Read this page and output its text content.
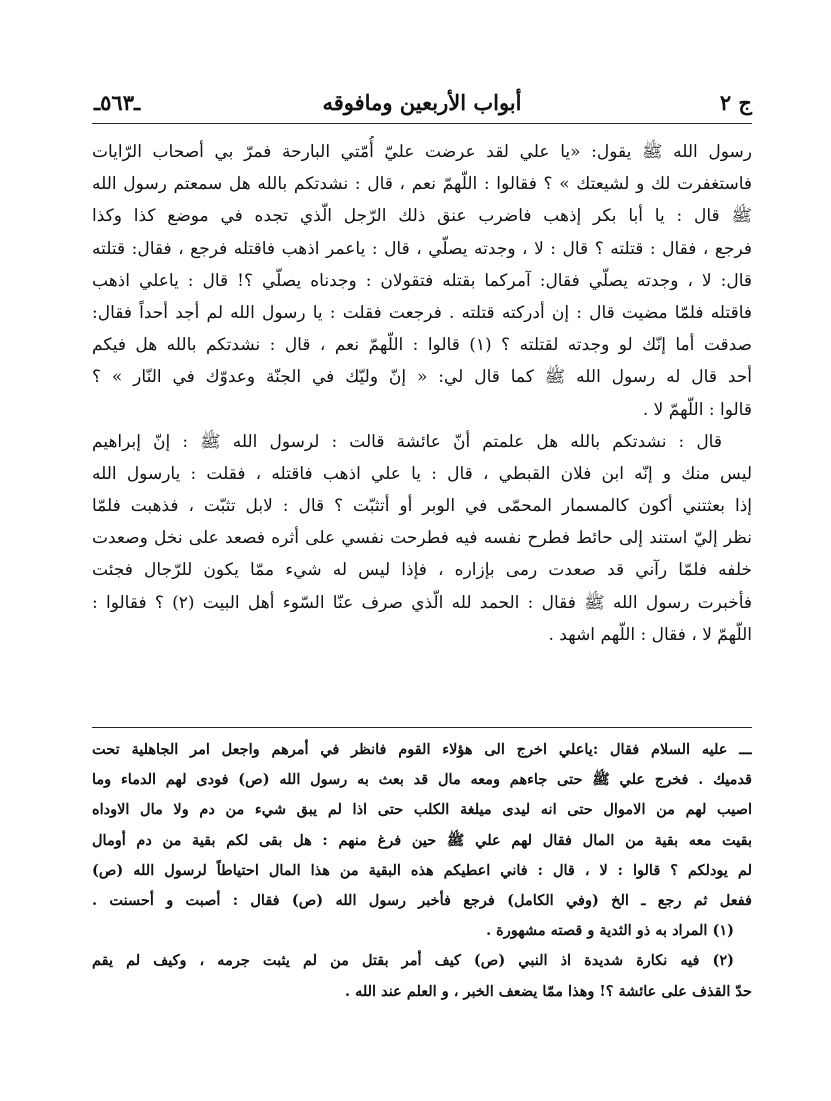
ج ٢
أبواب الأربعين ومافوقه
ـ٥٦٣ـ
رسول الله ﷺ يقول: «يا علي لقد عرضت عليّ أُمّتي البارحة فمرّ بي أصحاب الرّايات
فاستغفرت لك و لشيعتك » ؟ فقالوا : اللّهمّ نعم ، قال : نشدتكم بالله هل سمعتم رسول الله
ﷺ قال : يا أبا بكر إذهب فاضرب عنق ذلك الرّجل الّذي تجده في موضع كذا وكذا
فرجع ، فقال : قتلته ؟ قال : لا ، وجدته يصلّي ، قال : ياعمر اذهب فاقتله فرجع ، فقال: قتلته
قال: لا ، وجدته يصلّي فقال: آمركما بقتله فتقولان : وجدناه يصلّي ؟! قال : ياعلي اذهب
فاقتله فلمّا مضيت قال : إن أدركته قتلته . فرجعت فقلت : يا رسول الله لم أجد أحداً فقال:
صدقت أما إنّك لو وجدته لقتلته ؟ (١) قالوا : اللّهمّ نعم ، قال : نشدتكم بالله هل فيكم
أحد قال له رسول الله ﷺ كما قال لي: « إنّ وليّك في الجنّة وعدوّك في النّار » ؟
قالوا : اللّهمّ لا .
قال : نشدتكم بالله هل علمتم أنّ عائشة قالت : لرسول الله ﷺ : إنّ إبراهيم
ليس منك و إنّه ابن فلان القبطي ، قال : يا علي اذهب فاقتله ، فقلت : يارسول الله
إذا بعثتني أكون كالمسمار المحمّى في الوبر أو أتثبّت ؟ قال : لابل تثبّت ، فذهبت فلمّا
نظر إليّ استند إلى حائط فطرح نفسه فيه فطرحت نفسي على أثره فصعد على نخل وصعدت
خلفه فلمّا رآني قد صعدت رمى بإزاره ، فإذا ليس له شيء ممّا يكون للرّجال فجئت
فأخبرت رسول الله ﷺ فقال : الحمد لله الّذي صرف عنّا السّوء أهل البيت (٢) ؟ فقالوا :
اللّهمّ لا ، فقال : اللّهم اشهد .
ـــ عليه السلام فقال :ياعلي اخرج الى هؤلاء القوم فانظر في أمرهم واجعل امر الجاهلية تحت
قدميك . فخرج علي ﷺ حتى جاءهم ومعه مال قد بعث به رسول الله (ص) فودى لهم الدماء وما
اصيب لهم من الاموال حتى انه ليدى ميلغة الكلب حتى اذا لم يبق شيء من دم ولا مال الاوداه
بقيت معه بقية من المال فقال لهم علي ﷺ حين فرغ منهم : هل بقى لكم بقية من دم أومال
لم يودلكم ؟ قالوا : لا ، قال : فاني اعطيكم هذه البقية من هذا المال احتياطاً لرسول الله (ص)
ففعل ثم رجع ـ الخ (وفي الكامل) فرجع فأخبر رسول الله (ص) فقال : أصبت و أحسنت .
(١) المراد به ذو الثدية و قصته مشهورة .
(٢) فيه نكارة شديدة اذ النبي (ص) كيف أمر بقتل من لم يثبت جرمه ، وكيف لم يقم
حدّ القذف على عائشة ؟! وهذا ممّا يضعف الخبر ، و العلم عند الله .
